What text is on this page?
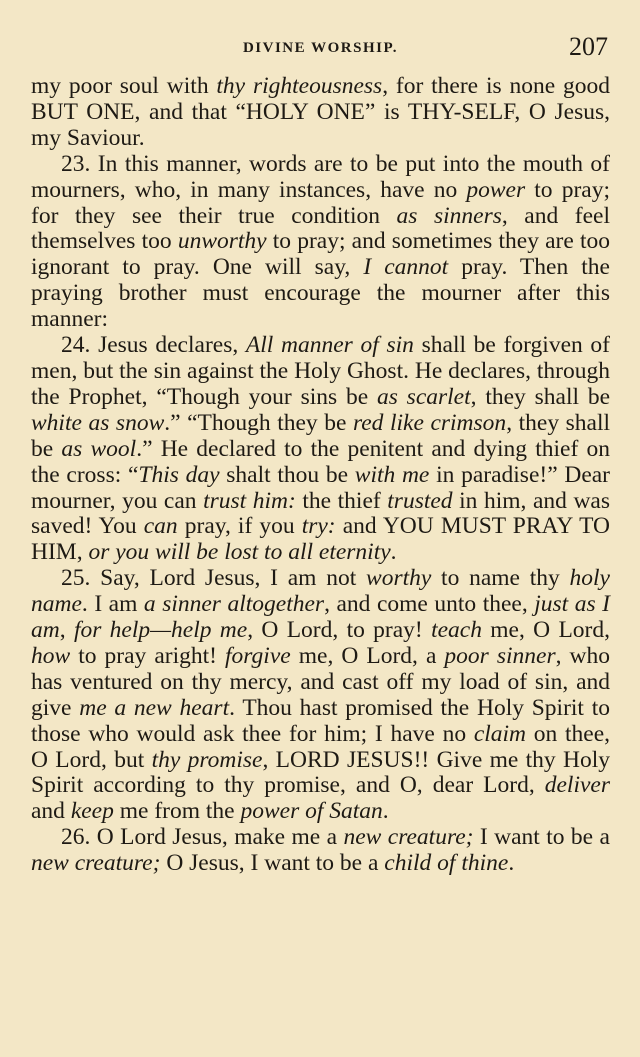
DIVINE WORSHIP.	207

my poor soul with thy righteousness, for there is none good BUT ONE, and that “HOLY ONE” is THY-SELF, O Jesus, my Saviour.

23. In this manner, words are to be put into the mouth of mourners, who, in many instances, have no power to pray; for they see their true condition as sinners, and feel themselves too unworthy to pray; and sometimes they are too ignorant to pray. One will say, I cannot pray. Then the praying brother must encourage the mourner after this manner:

24. Jesus declares, All manner of sin shall be forgiven of men, but the sin against the Holy Ghost. He declares, through the Prophet, “Though your sins be as scarlet, they shall be white as snow.” “Though they be red like crimson, they shall be as wool.” He declared to the penitent and dying thief on the cross: “This day shalt thou be with me in paradise!” Dear mourner, you can trust him: the thief trusted in him, and was saved! You can pray, if you try: and YOU MUST PRAY TO HIM, or you will be lost to all eternity.

25. Say, Lord Jesus, I am not worthy to name thy holy name. I am a sinner altogether, and come unto thee, just as I am, for help—help me, O Lord, to pray! teach me, O Lord, how to pray aright! forgive me, O Lord, a poor sinner, who has ventured on thy mercy, and cast off my load of sin, and give me a new heart. Thou hast promised the Holy Spirit to those who would ask thee for him; I have no claim on thee, O Lord, but thy promise, LORD JESUS!! Give me thy Holy Spirit according to thy promise, and O, dear Lord, deliver and keep me from the power of Satan.

26. O Lord Jesus, make me a new creature; I want to be a new creature; O Jesus, I want to be a child of thine.
